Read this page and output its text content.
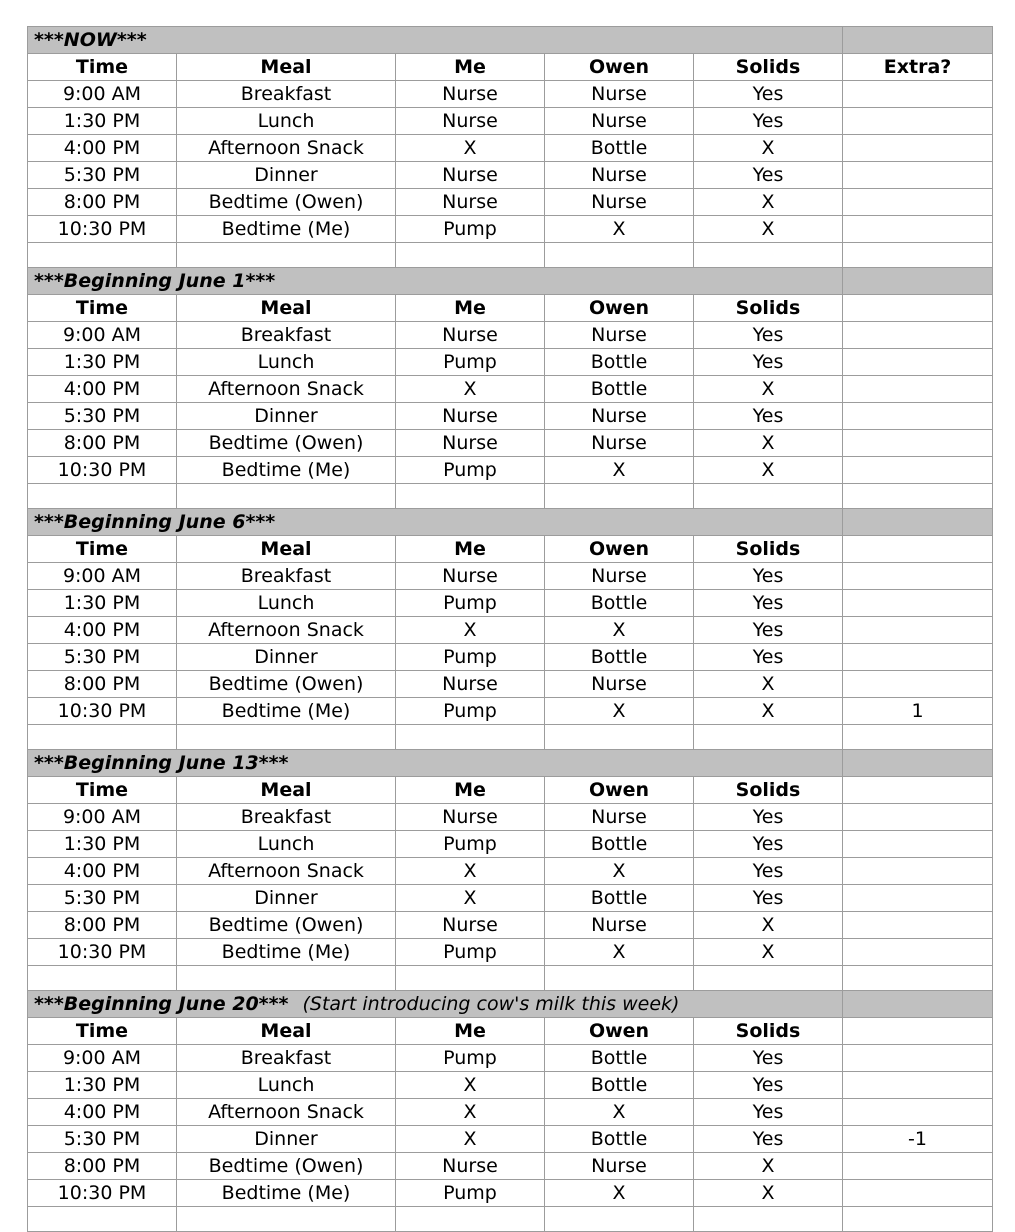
***NOW***					
Time	Meal	Me	Owen	Solids	Extra?
9:00 AM	Breakfast	Nurse	Nurse	Yes	
1:30 PM	Lunch	Nurse	Nurse	Yes	
4:00 PM	Afternoon Snack	X	Bottle	X	
5:30 PM	Dinner	Nurse	Nurse	Yes	
8:00 PM	Bedtime (Owen)	Nurse	Nurse	X	
10:30 PM	Bedtime (Me)	Pump	X	X	

***Beginning June 1***					
Time	Meal	Me	Owen	Solids	
9:00 AM	Breakfast	Nurse	Nurse	Yes	
1:30 PM	Lunch	Pump	Bottle	Yes	
4:00 PM	Afternoon Snack	X	Bottle	X	
5:30 PM	Dinner	Nurse	Nurse	Yes	
8:00 PM	Bedtime (Owen)	Nurse	Nurse	X	
10:30 PM	Bedtime (Me)	Pump	X	X	

***Beginning June 6***					
Time	Meal	Me	Owen	Solids	
9:00 AM	Breakfast	Nurse	Nurse	Yes	
1:30 PM	Lunch	Pump	Bottle	Yes	
4:00 PM	Afternoon Snack	X	X	Yes	
5:30 PM	Dinner	Pump	Bottle	Yes	
8:00 PM	Bedtime (Owen)	Nurse	Nurse	X	
10:30 PM	Bedtime (Me)	Pump	X	X	1

***Beginning June 13***					
Time	Meal	Me	Owen	Solids	
9:00 AM	Breakfast	Nurse	Nurse	Yes	
1:30 PM	Lunch	Pump	Bottle	Yes	
4:00 PM	Afternoon Snack	X	X	Yes	
5:30 PM	Dinner	X	Bottle	Yes	
8:00 PM	Bedtime (Owen)	Nurse	Nurse	X	
10:30 PM	Bedtime (Me)	Pump	X	X	

***Beginning June 20*** (Start introducing cow's milk this week)					
Time	Meal	Me	Owen	Solids	
9:00 AM	Breakfast	Pump	Bottle	Yes	
1:30 PM	Lunch	X	Bottle	Yes	
4:00 PM	Afternoon Snack	X	X	Yes	
5:30 PM	Dinner	X	Bottle	Yes	-1
8:00 PM	Bedtime (Owen)	Nurse	Nurse	X	
10:30 PM	Bedtime (Me)	Pump	X	X	
